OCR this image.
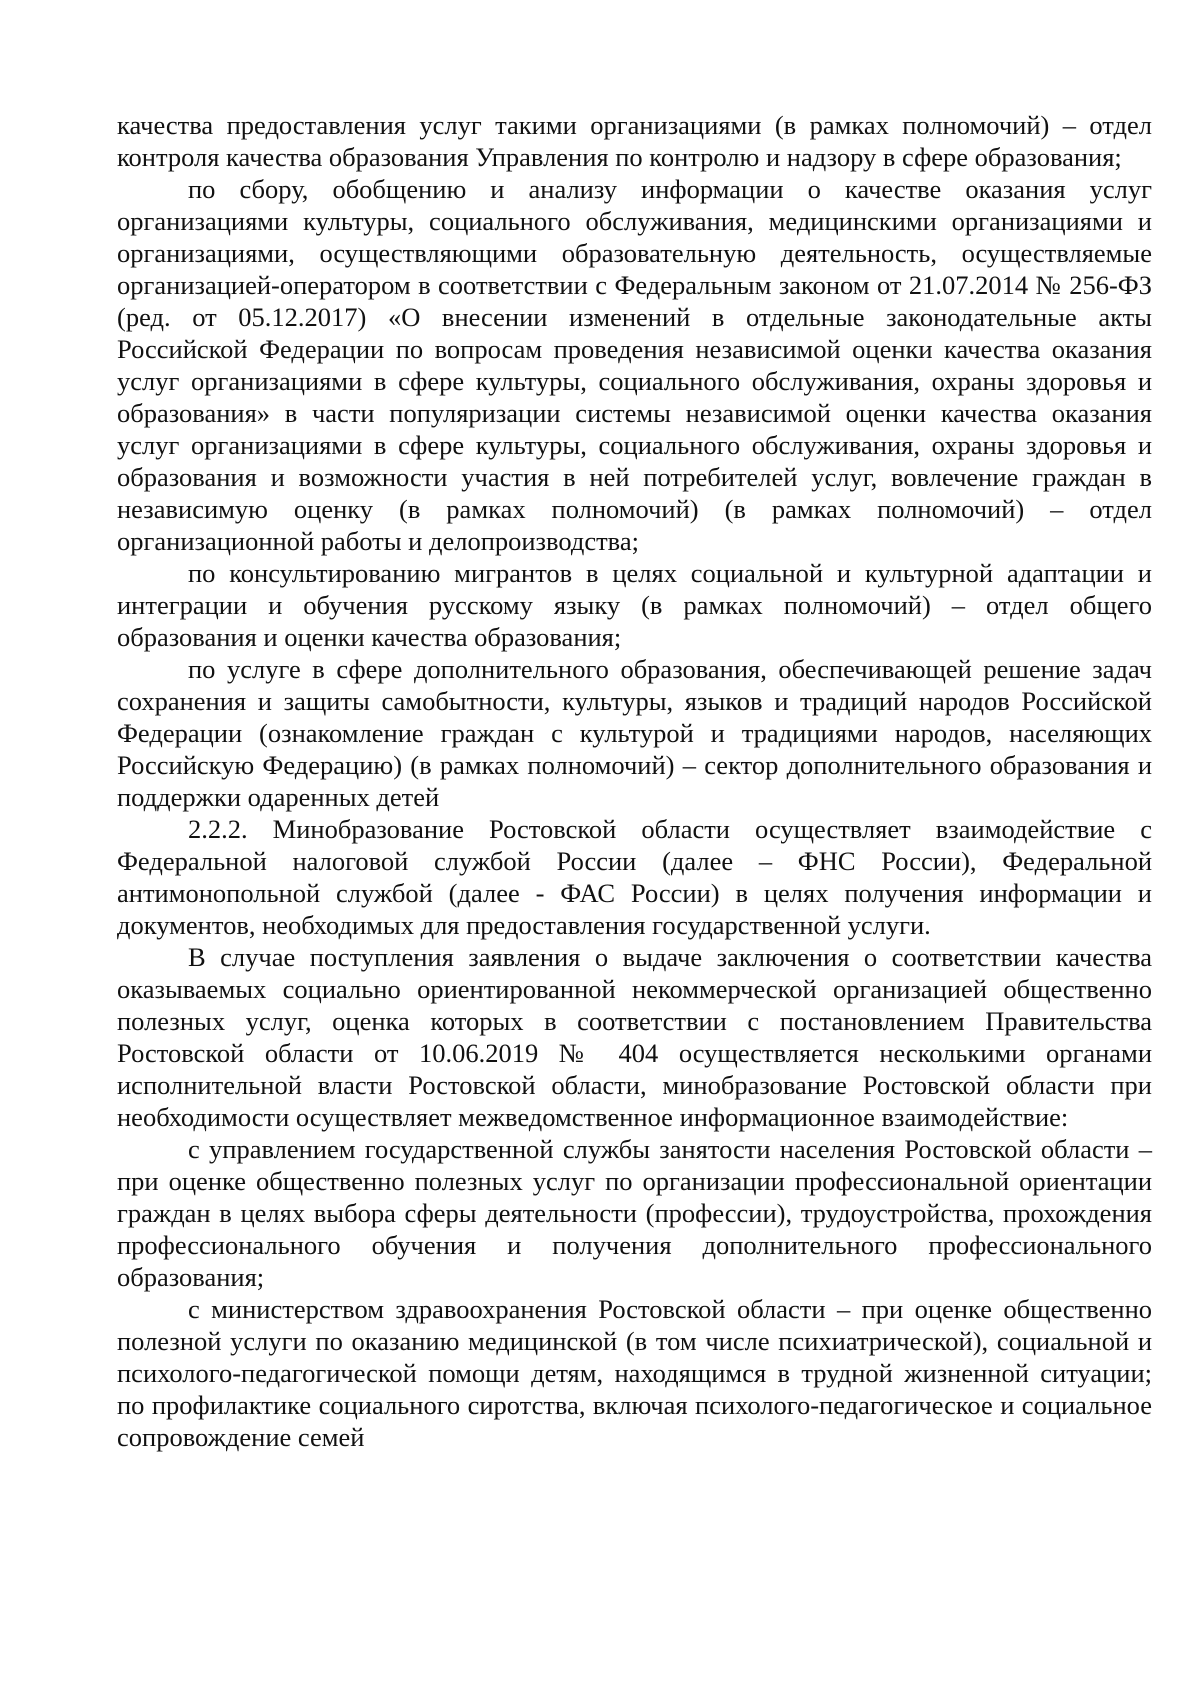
качества предоставления услуг такими организациями (в рамках полномочий) – отдел контроля качества образования Управления по контролю и надзору в сфере образования;

по сбору, обобщению и анализу информации о качестве оказания услуг организациями культуры, социального обслуживания, медицинскими организациями и организациями, осуществляющими образовательную деятельность, осуществляемые организацией-оператором в соответствии с Федеральным законом от 21.07.2014 № 256-ФЗ (ред. от 05.12.2017) «О внесении изменений в отдельные законодательные акты Российской Федерации по вопросам проведения независимой оценки качества оказания услуг организациями в сфере культуры, социального обслуживания, охраны здоровья и образования» в части популяризации системы независимой оценки качества оказания услуг организациями в сфере культуры, социального обслуживания, охраны здоровья и образования и возможности участия в ней потребителей услуг, вовлечение граждан в независимую оценку (в рамках полномочий) (в рамках полномочий) – отдел организационной работы и делопроизводства;

по консультированию мигрантов в целях социальной и культурной адаптации и интеграции и обучения русскому языку (в рамках полномочий) – отдел общего образования и оценки качества образования;

по услуге в сфере дополнительного образования, обеспечивающей решение задач сохранения и защиты самобытности, культуры, языков и традиций народов Российской Федерации (ознакомление граждан с культурой и традициями народов, населяющих Российскую Федерацию) (в рамках полномочий) – сектор дополнительного образования и поддержки одаренных детей

2.2.2. Минобразование Ростовской области осуществляет взаимодействие с Федеральной налоговой службой России (далее – ФНС России), Федеральной антимонопольной службой (далее - ФАС России) в целях получения информации и документов, необходимых для предоставления государственной услуги.

В случае поступления заявления о выдаче заключения о соответствии качества оказываемых социально ориентированной некоммерческой организацией общественно полезных услуг, оценка которых в соответствии с постановлением Правительства Ростовской области от 10.06.2019 № 404 осуществляется несколькими органами исполнительной власти Ростовской области, минобразование Ростовской области при необходимости осуществляет межведомственное информационное взаимодействие:

с управлением государственной службы занятости населения Ростовской области – при оценке общественно полезных услуг по организации профессиональной ориентации граждан в целях выбора сферы деятельности (профессии), трудоустройства, прохождения профессионального обучения и получения дополнительного профессионального образования;

с министерством здравоохранения Ростовской области – при оценке общественно полезной услуги по оказанию медицинской (в том числе психиатрической), социальной и психолого-педагогической помощи детям, находящимся в трудной жизненной ситуации; по профилактике социального сиротства, включая психолого-педагогическое и социальное сопровождение семей
